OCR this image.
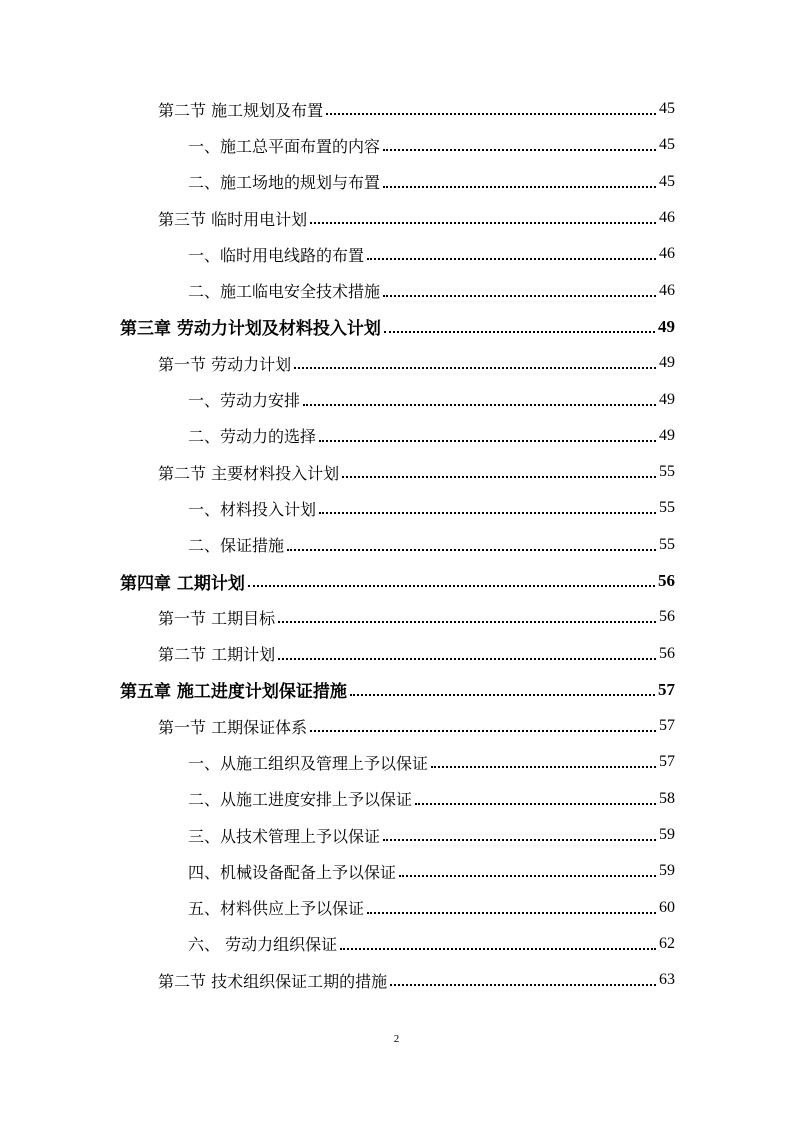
第二节 施工规划及布置	45
一、施工总平面布置的内容	45
二、施工场地的规划与布置	45
第三节 临时用电计划	46
一、临时用电线路的布置	46
二、施工临电安全技术措施	46
第三章 劳动力计划及材料投入计划	49
第一节 劳动力计划	49
一、劳动力安排	49
二、劳动力的选择	49
第二节 主要材料投入计划	55
一、材料投入计划	55
二、保证措施	55
第四章 工期计划	56
第一节 工期目标	56
第二节 工期计划	56
第五章 施工进度计划保证措施	57
第一节 工期保证体系	57
一、从施工组织及管理上予以保证	57
二、从施工进度安排上予以保证	58
三、从技术管理上予以保证	59
四、机械设备配备上予以保证	59
五、材料供应上予以保证	60
六、 劳动力组织保证	62
第二节 技术组织保证工期的措施	63
2
